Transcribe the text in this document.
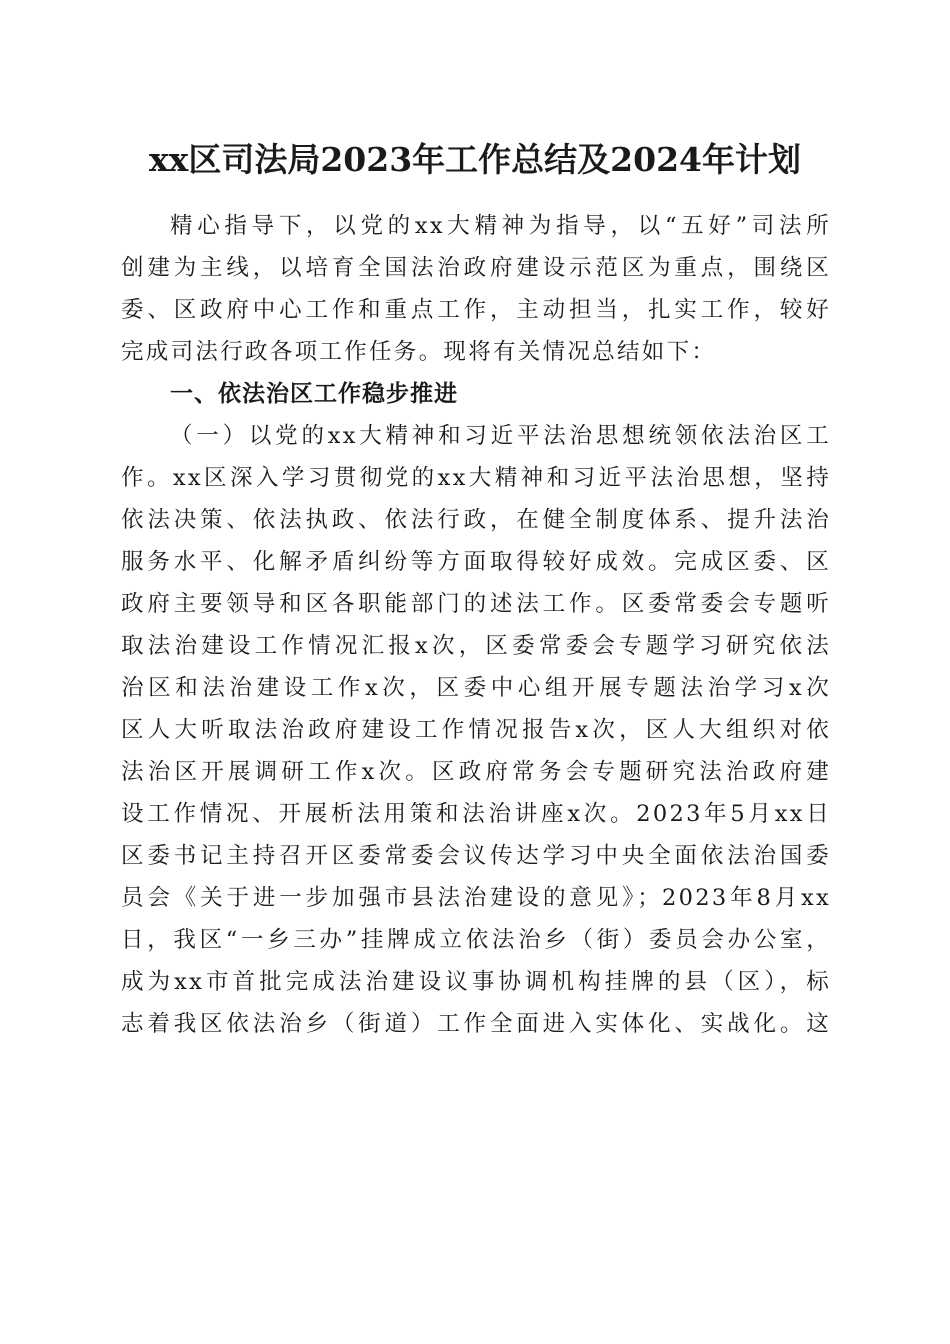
xx区司法局2023年工作总结及2024年计划

精心指导下，以党的xx大精神为指导，以“五好”司法所

创建为主线，以培育全国法治政府建设示范区为重点，围绕区

委、区政府中心工作和重点工作，主动担当，扎实工作，较好

完成司法行政各项工作任务。现将有关情况总结如下：

一、依法治区工作稳步推进

（一）以党的xx大精神和习近平法治思想统领依法治区工

作。xx区深入学习贯彻党的xx大精神和习近平法治思想，坚持

依法决策、依法执政、依法行政，在健全制度体系、提升法治

服务水平、化解矛盾纠纷等方面取得较好成效。完成区委、区

政府主要领导和区各职能部门的述法工作。区委常委会专题听

取法治建设工作情况汇报x次，区委常委会专题学习研究依法

治区和法治建设工作x次，区委中心组开展专题法治学习x次

区人大听取法治政府建设工作情况报告x次，区人大组织对依

法治区开展调研工作x次。区政府常务会专题研究法治政府建

设工作情况、开展析法用策和法治讲座x次。2023年5月xx日

区委书记主持召开区委常委会议传达学习中央全面依法治国委

员会《关于进一步加强市县法治建设的意见》；2023年8月xx

日，我区“一乡三办”挂牌成立依法治乡（街）委员会办公室，

成为xx市首批完成法治建设议事协调机构挂牌的县（区），标

志着我区依法治乡（街道）工作全面进入实体化、实战化。这
